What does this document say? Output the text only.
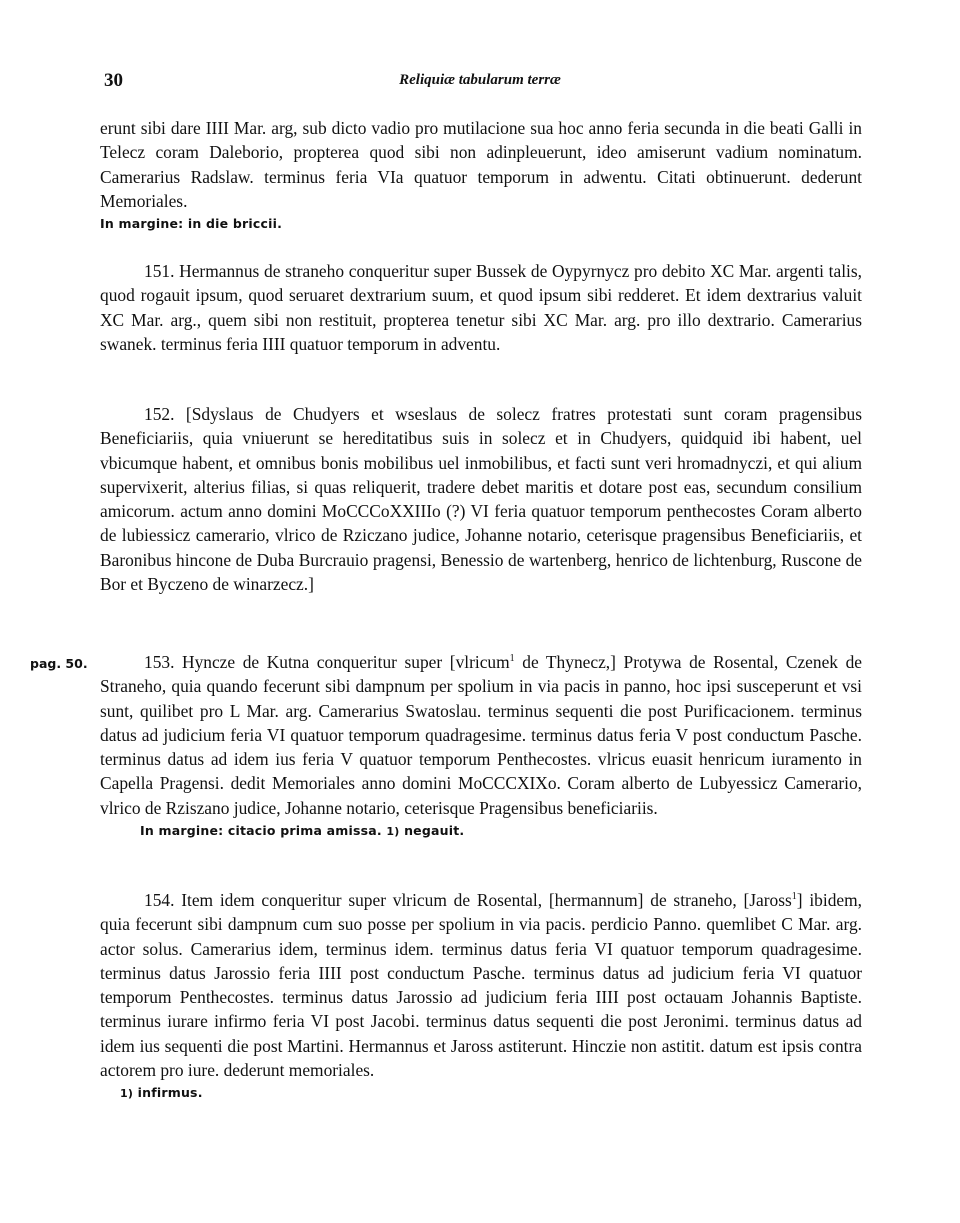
30	Reliquiæ tabularum terræ
pag. 50.

erunt sibi dare IIII Mar. arg, sub dicto vadio pro mutilacione sua hoc anno feria secunda in die beati Galli in Telecz coram Daleborio, propterea quod sibi non adinpleuerunt, ideo amiserunt vadium nominatum. Camerarius Radslaw. terminus feria VIa quatuor temporum in adwentu. Citati obtinuerunt. dederunt Memoriales.

In margine: in die briccii.

151. Hermannus de straneho conqueritur super Bussek de Oypyrnycz pro debito XC Mar. argenti talis, quod rogauit ipsum, quod seruaret dextrarium suum, et quod ipsum sibi redderet. Et idem dextrarius valuit XC Mar. arg., quem sibi non restituit, propterea tenetur sibi XC Mar. arg. pro illo dextrario. Camerarius swanek. terminus feria IIII quatuor temporum in adventu.

152. [Sdyslaus de Chudyers et wseslaus de solecz fratres protestati sunt coram pragensibus Beneficiariis, quia vniuerunt se hereditatibus suis in solecz et in Chudyers, quidquid ibi habent, uel vbicumque habent, et omnibus bonis mobilibus uel inmobilibus, et facti sunt veri hromadnyczi, et qui alium supervixerit, alterius filias, si quas reliquerit, tradere debet maritis et dotare post eas, secundum consilium amicorum. actum anno domini MoCCCoXXIIIo (?) VI feria quatuor temporum penthecostes Coram alberto de lubiessicz camerario, vlrico de Rziczano judice, Johanne notario, ceterisque pragensibus Beneficiariis, et Baronibus hincone de Duba Burcrauio pragensi, Benessio de wartenberg, henrico de lichtenburg, Ruscone de Bor et Byczeno de winarzecz.]

153. Hyncze de Kutna conqueritur super [vlricum$^1$ de Thynecz,] Protywa de Rosental, Czenek de Straneho, quia quando fecerunt sibi dampnum per spolium in via pacis in panno, hoc ipsi susceperunt et vsi sunt, quilibet pro L Mar. arg. Camerarius Swatoslau. terminus sequenti die post Purificacionem. terminus datus ad judicium feria VI quatuor temporum quadragesime. terminus datus feria V post conductum Pasche. terminus datus ad idem ius feria V quatuor temporum Penthecostes. vlricus euasit henricum iuramento in Capella Pragensi. dedit Memoriales anno domini MoCCCXIXo. Coram alberto de Lubyessicz Camerario, vlrico de Rziszano judice, Johanne notario, ceterisque Pragensibus beneficiariis.

In margine: citacio prima amissa. 1) negauit.

154. Item idem conqueritur super vlricum de Rosental, [hermannum] de straneho, [Jaross$^1$] ibidem, quia fecerunt sibi dampnum cum suo posse per spolium in via pacis. perdicio Panno. quemlibet C Mar. arg. actor solus. Camerarius idem, terminus idem. terminus datus feria VI quatuor temporum quadragesime. terminus datus Jarossio feria IIII post conductum Pasche. terminus datus ad judicium feria VI quatuor temporum Penthecostes. terminus datus Jarossio ad judicium feria IIII post octauam Johannis Baptiste. terminus iurare infirmo feria VI post Jacobi. terminus datus sequenti die post Jeronimi. terminus datus ad idem ius sequenti die post Martini. Hermannus et Jaross astiterunt. Hinczie non astitit. datum est ipsis contra actorem pro iure. dederunt memoriales.

1) infirmus.
